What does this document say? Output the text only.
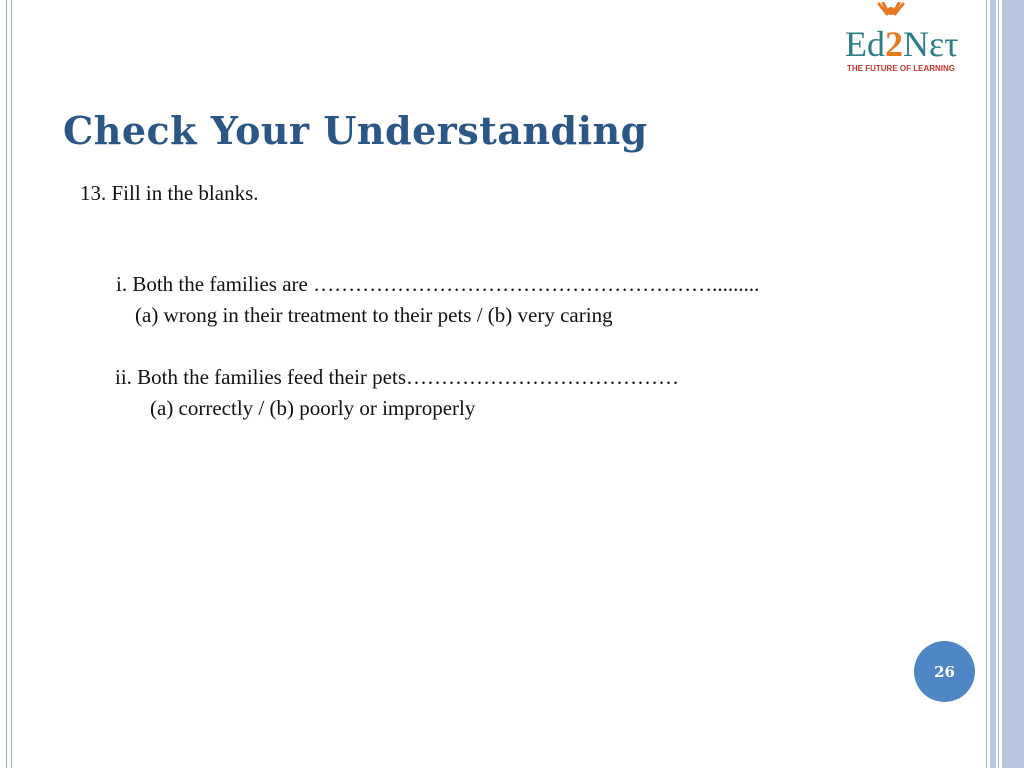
Ed2Νετ
THE FUTURE OF LEARNING
Check Your Understanding
13. Fill in the blanks.
i. Both the families are ………………………………………………….........
(a) wrong in their treatment to their pets / (b) very caring
ii. Both the families feed their pets…………………………………
(a) correctly / (b) poorly or improperly
26
